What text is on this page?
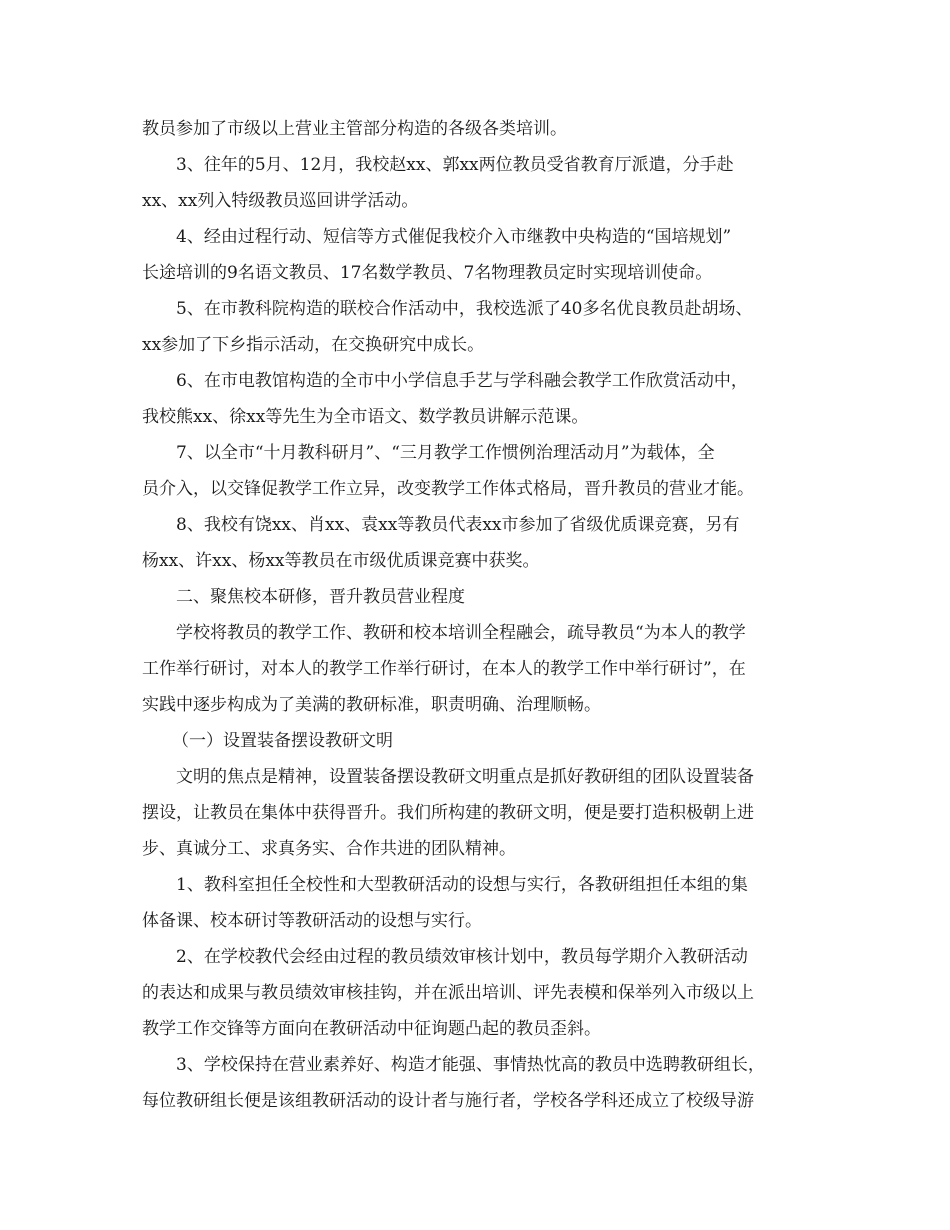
教员参加了市级以上营业主管部分构造的各级各类培训。

3、往年的5月、12月，我校赵xx、郭xx两位教员受省教育厅派遣，分手赴

xx、xx列入特级教员巡回讲学活动。

4、经由过程行动、短信等方式催促我校介入市继教中央构造的“国培规划”

长途培训的9名语文教员、17名数学教员、7名物理教员定时实现培训使命。

5、在市教科院构造的联校合作活动中，我校选派了40多名优良教员赴胡场、

xx参加了下乡指示活动，在交换研究中成长。

6、在市电教馆构造的全市中小学信息手艺与学科融会教学工作欣赏活动中，

我校熊xx、徐xx等先生为全市语文、数学教员讲解示范课。

7、以全市“十月教科研月”、“三月教学工作惯例治理活动月”为载体，全

员介入，以交锋促教学工作立异，改变教学工作体式格局，晋升教员的营业才能。

8、我校有饶xx、肖xx、袁xx等教员代表xx市参加了省级优质课竞赛，另有

杨xx、许xx、杨xx等教员在市级优质课竞赛中获奖。

二、聚焦校本研修，晋升教员营业程度

学校将教员的教学工作、教研和校本培训全程融会，疏导教员“为本人的教学

工作举行研讨，对本人的教学工作举行研讨，在本人的教学工作中举行研讨”，在

实践中逐步构成为了美满的教研标准，职责明确、治理顺畅。

（一）设置装备摆设教研文明

文明的焦点是精神，设置装备摆设教研文明重点是抓好教研组的团队设置装备

摆设，让教员在集体中获得晋升。我们所构建的教研文明，便是要打造积极朝上进

步、真诚分工、求真务实、合作共进的团队精神。

1、教科室担任全校性和大型教研活动的设想与实行，各教研组担任本组的集

体备课、校本研讨等教研活动的设想与实行。

2、在学校教代会经由过程的教员绩效审核计划中，教员每学期介入教研活动

的表达和成果与教员绩效审核挂钩，并在派出培训、评先表模和保举列入市级以上

教学工作交锋等方面向在教研活动中征询题凸起的教员歪斜。

3、学校保持在营业素养好、构造才能强、事情热忱高的教员中选聘教研组长，

每位教研组长便是该组教研活动的设计者与施行者，学校各学科还成立了校级导游
